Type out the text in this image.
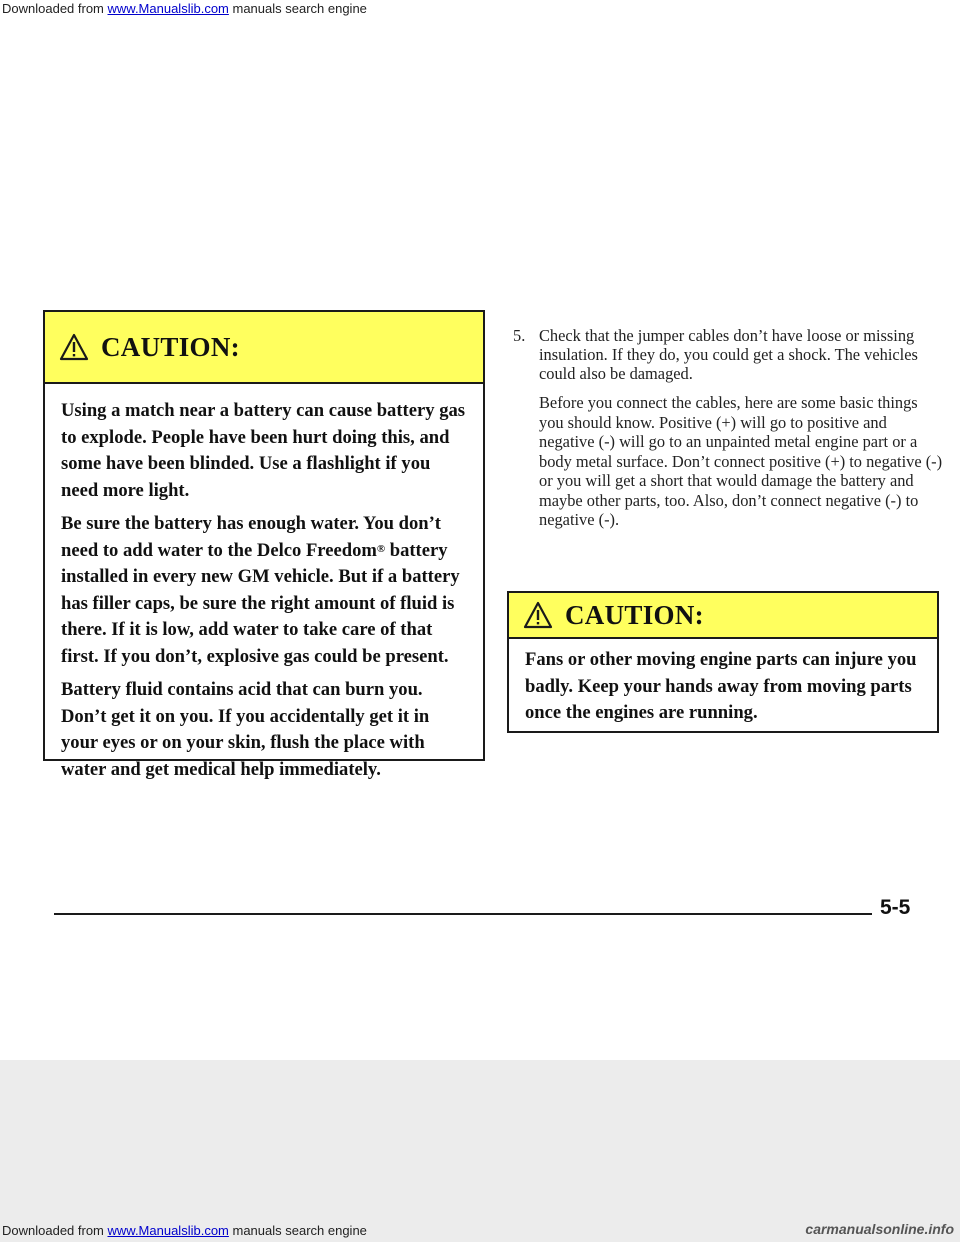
Downloaded from www.Manualslib.com manuals search engine
CAUTION:

Using a match near a battery can cause battery gas to explode. People have been hurt doing this, and some have been blinded. Use a flashlight if you need more light.

Be sure the battery has enough water. You don’t need to add water to the Delco Freedom® battery installed in every new GM vehicle. But if a battery has filler caps, be sure the right amount of fluid is there. If it is low, add water to take care of that first. If you don’t, explosive gas could be present.

Battery fluid contains acid that can burn you. Don’t get it on you. If you accidentally get it in your eyes or on your skin, flush the place with water and get medical help immediately.

5. Check that the jumper cables don’t have loose or missing insulation. If they do, you could get a shock. The vehicles could also be damaged.
Before you connect the cables, here are some basic things you should know. Positive (+) will go to positive and negative (-) will go to an unpainted metal engine part or a body metal surface. Don’t connect positive (+) to negative (-) or you will get a short that would damage the battery and maybe other parts, too. Also, don’t connect negative (-) to negative (-).
CAUTION:

Fans or other moving engine parts can injure you badly. Keep your hands away from moving parts once the engines are running.

5-5
Downloaded from www.Manualslib.com manuals search engine	carmanualsonline.info
